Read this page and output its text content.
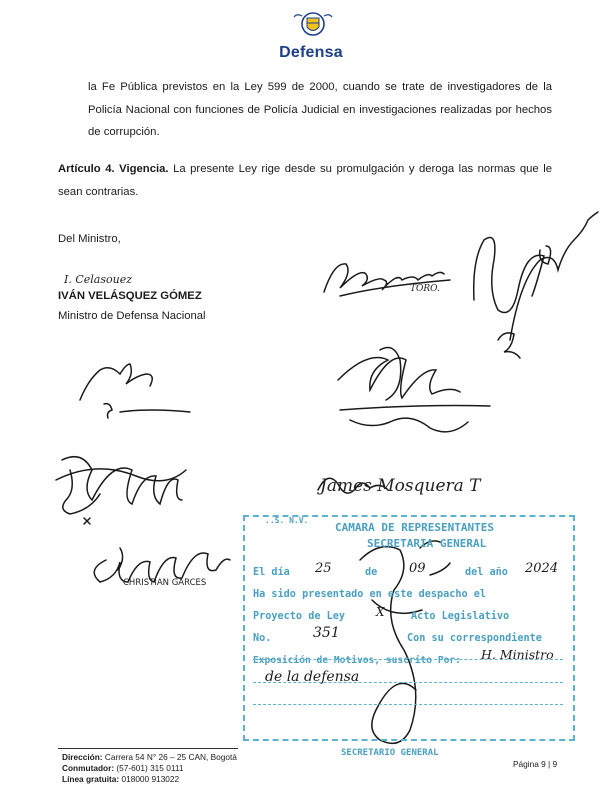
Defensa
la Fe Pública previstos en la Ley 599 de 2000, cuando se trate de investigadores de la Policía Nacional con funciones de Policía Judicial en investigaciones realizadas por hechos de corrupción.
Artículo 4. Vigencia. La presente Ley rige desde su promulgación y deroga las normas que le sean contrarias.
Del Ministro,
I. Celasouez
IVÁN VELÁSQUEZ GÓMEZ
Ministro de Defensa Nacional
TORO.
CHRISTIAN GARCES
James Mosquera T
..S. N.V.
CAMARA DE REPRESENTANTES
SECRETARIA GENERAL
El día 25	de 09	del año 2024
Ha sido presentado en este despacho el
Proyecto de Ley	X	Acto Legislativo
No.	351	Con su correspondiente
Exposición de Motivos, suscrito Por: H. Ministro
de la defensa
SECRETARIO GENERAL
Dirección: Carrera 54 N° 26 – 25 CAN, Bogotá
Conmutador: (57-601) 315 0111
Línea gratuita: 018000 913022
Página 9 | 9
